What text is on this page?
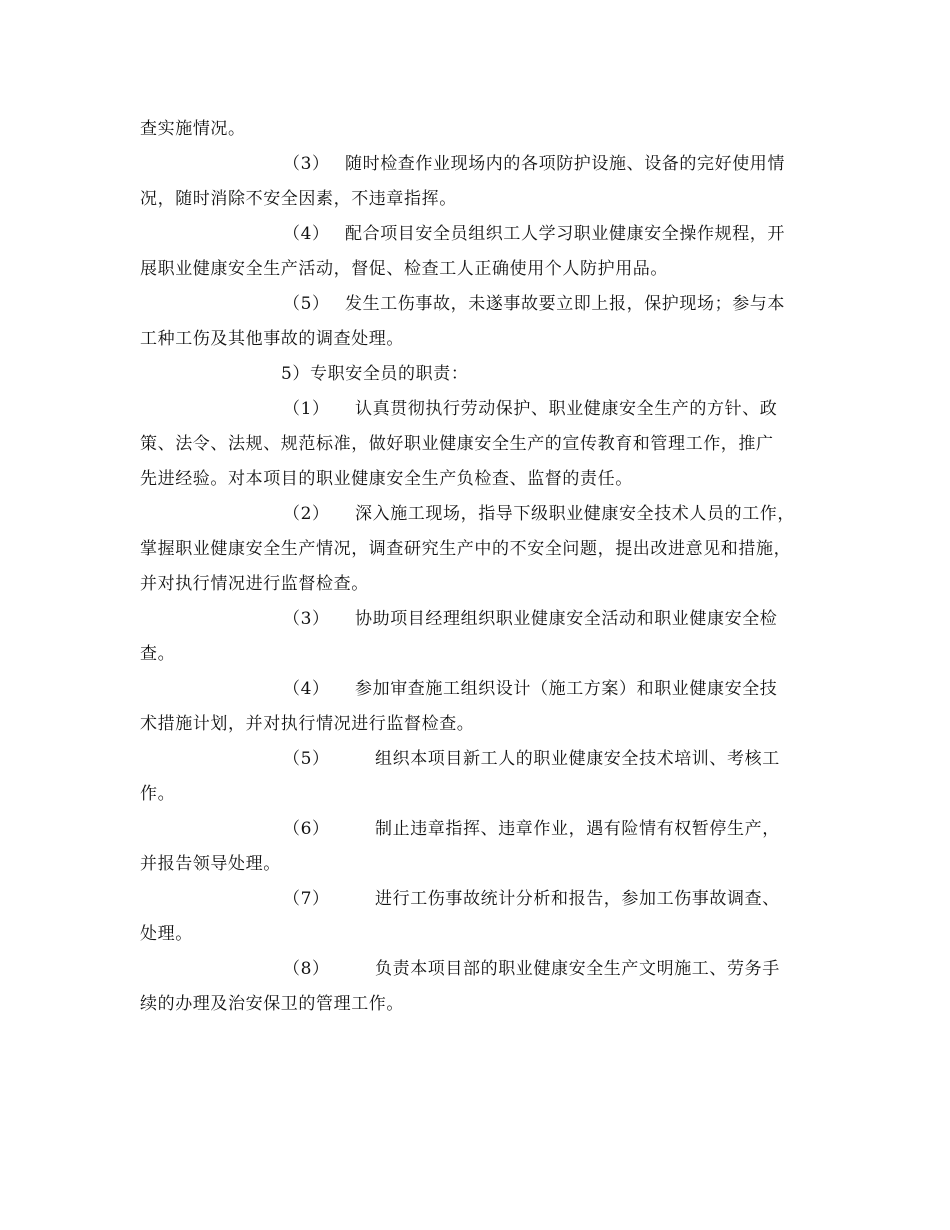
查实施情况。
（3） 随时检查作业现场内的各项防护设施、设备的完好使用情
况，随时消除不安全因素，不违章指挥。
（4） 配合项目安全员组织工人学习职业健康安全操作规程，开
展职业健康安全生产活动，督促、检查工人正确使用个人防护用品。
（5） 发生工伤事故，未遂事故要立即上报，保护现场；参与本
工种工伤及其他事故的调查处理。
5）专职安全员的职责：
（1） 认真贯彻执行劳动保护、职业健康安全生产的方针、政
策、法令、法规、规范标准，做好职业健康安全生产的宣传教育和管理工作，推广
先进经验。对本项目的职业健康安全生产负检查、监督的责任。
（2） 深入施工现场，指导下级职业健康安全技术人员的工作，
掌握职业健康安全生产情况，调查研究生产中的不安全问题，提出改进意见和措施，
并对执行情况进行监督检查。
（3） 协助项目经理组织职业健康安全活动和职业健康安全检
查。
（4） 参加审查施工组织设计（施工方案）和职业健康安全技
术措施计划，并对执行情况进行监督检查。
（5）	组织本项目新工人的职业健康安全技术培训、考核工
作。
（6）	制止违章指挥、违章作业，遇有险情有权暂停生产，
并报告领导处理。
（7）	进行工伤事故统计分析和报告，参加工伤事故调查、
处理。
（8）	负责本项目部的职业健康安全生产文明施工、劳务手
续的办理及治安保卫的管理工作。
